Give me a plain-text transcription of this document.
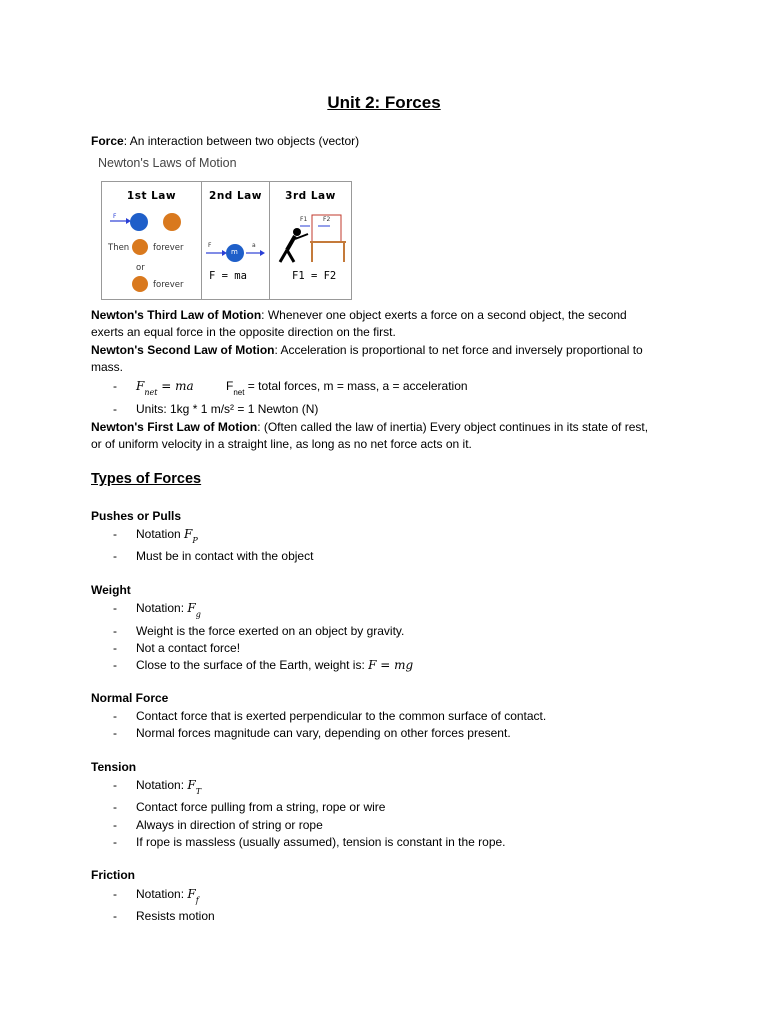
Unit 2: Forces
Force: An interaction between two objects (vector)
Newton's Laws of Motion
1st Law
F
Then	forever
or
forever
2nd Law
F
m
a
F = ma
3rd Law
F1	F2
F1 = F2
Newton's Third Law of Motion: Whenever one object exerts a force on a second object, the second
exerts an equal force in the opposite direction on the first.
Newton's Second Law of Motion: Acceleration is proportional to net force and inversely proportional to
mass.
- $F_{net}$ = ma	$F_{net}$ = total forces, m = mass, a = acceleration
- Units: 1kg * 1 m/s² = 1 Newton (N)
Newton's First Law of Motion: (Often called the law of inertia) Every object continues in its state of rest,
or of uniform velocity in a straight line, as long as no net force acts on it.
Types of Forces
Pushes or Pulls
- Notation $F_P$
- Must be in contact with the object
Weight
- Notation: $F_g$
- Weight is the force exerted on an object by gravity.
- Not a contact force!
- Close to the surface of the Earth, weight is: F = mg
Normal Force
- Contact force that is exerted perpendicular to the common surface of contact.
- Normal forces magnitude can vary, depending on other forces present.
Tension
- Notation: $F_T$
- Contact force pulling from a string, rope or wire
- Always in direction of string or rope
- If rope is massless (usually assumed), tension is constant in the rope.
Friction
- Notation: $F_f$
- Resists motion
